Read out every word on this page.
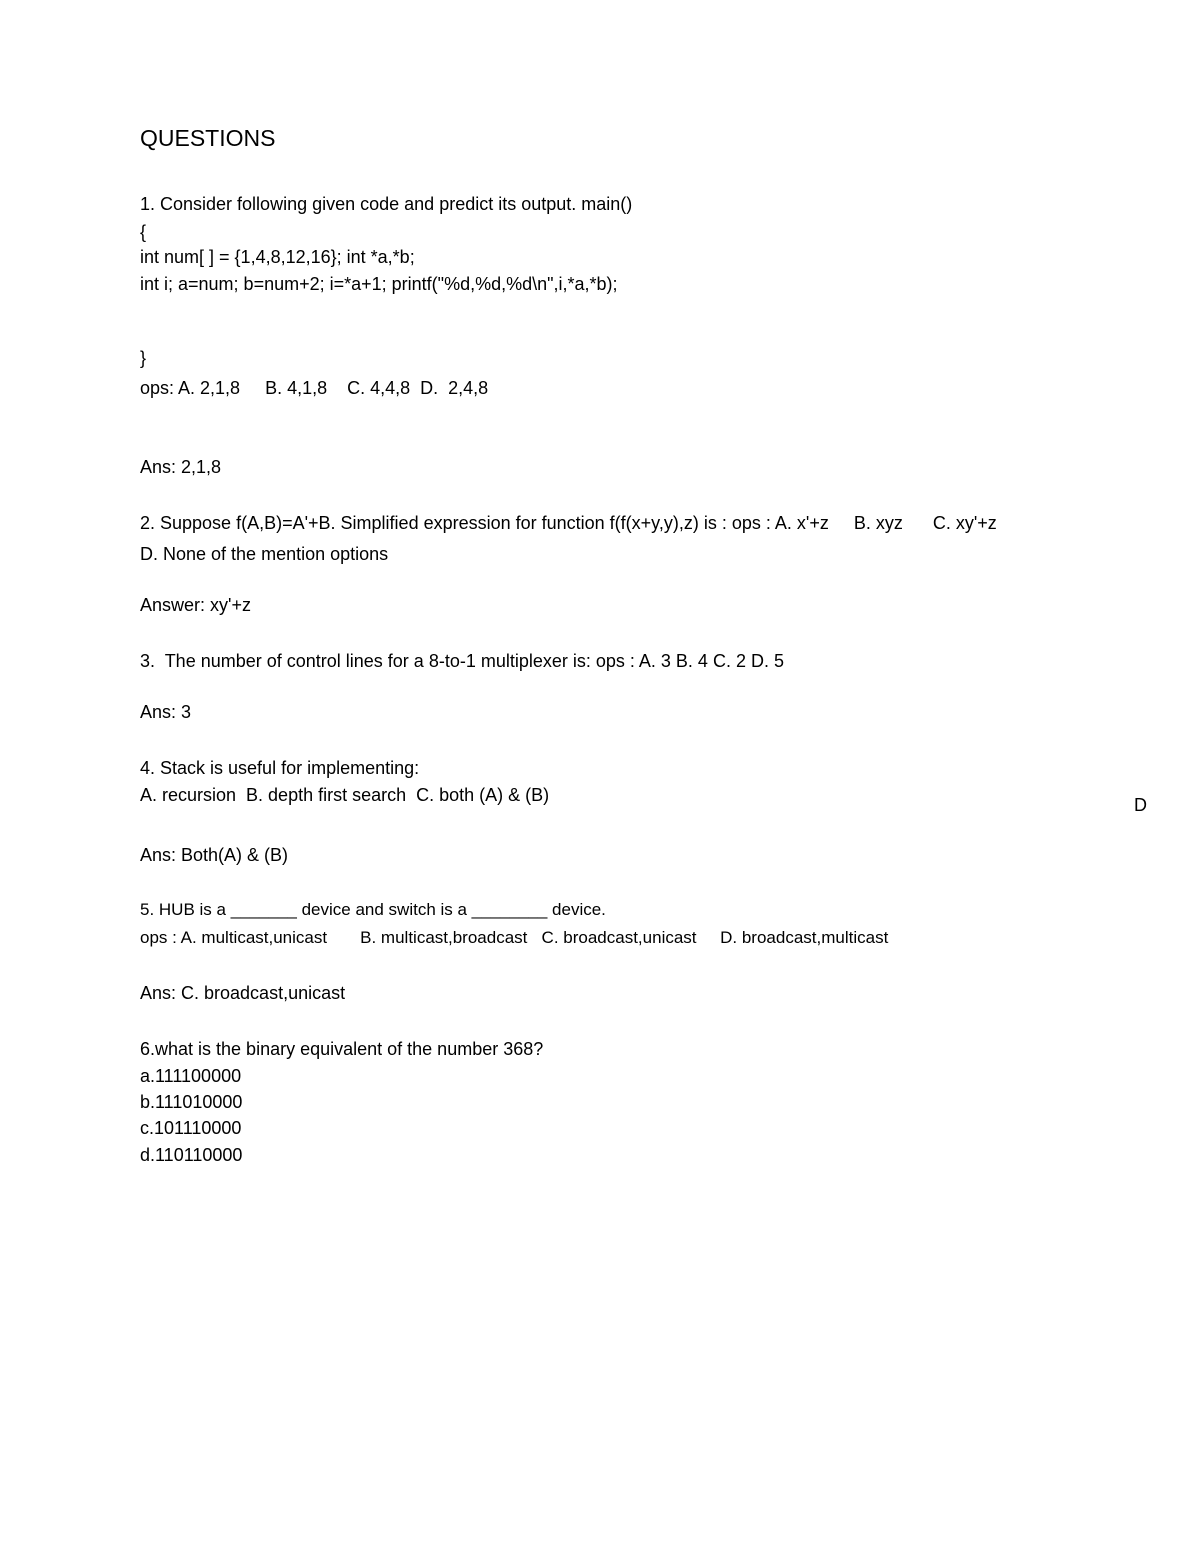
QUESTIONS

1. Consider following given code and predict its output. main()

{

int num[ ] = {1,4,8,12,16}; int *a,*b;

int i; a=num; b=num+2; i=*a+1; printf("%d,%d,%d\n",i,*a,*b);

}

ops: A. 2,1,8     B. 4,1,8    C. 4,4,8  D.  2,4,8

Ans: 2,1,8

2. Suppose f(A,B)=A'+B. Simplified expression for function f(f(x+y,y),z) is : ops : A. x'+z     B. xyz      C. xy'+z

D. None of the mention options

Answer: xy'+z

3.  The number of control lines for a 8-to-1 multiplexer is: ops : A. 3 B. 4 C. 2 D. 5

Ans: 3

4. Stack is useful for implementing:

A. recursion  B. depth first search  C. both (A) & (B)	D

Ans: Both(A) & (B)

5. HUB is a _______ device and switch is a ________ device.

ops : A. multicast,unicast       B. multicast,broadcast   C. broadcast,unicast     D. broadcast,multicast

Ans: C. broadcast,unicast

6.what is the binary equivalent of the number 368?

a.111100000

b.111010000

c.101110000

d.110110000
